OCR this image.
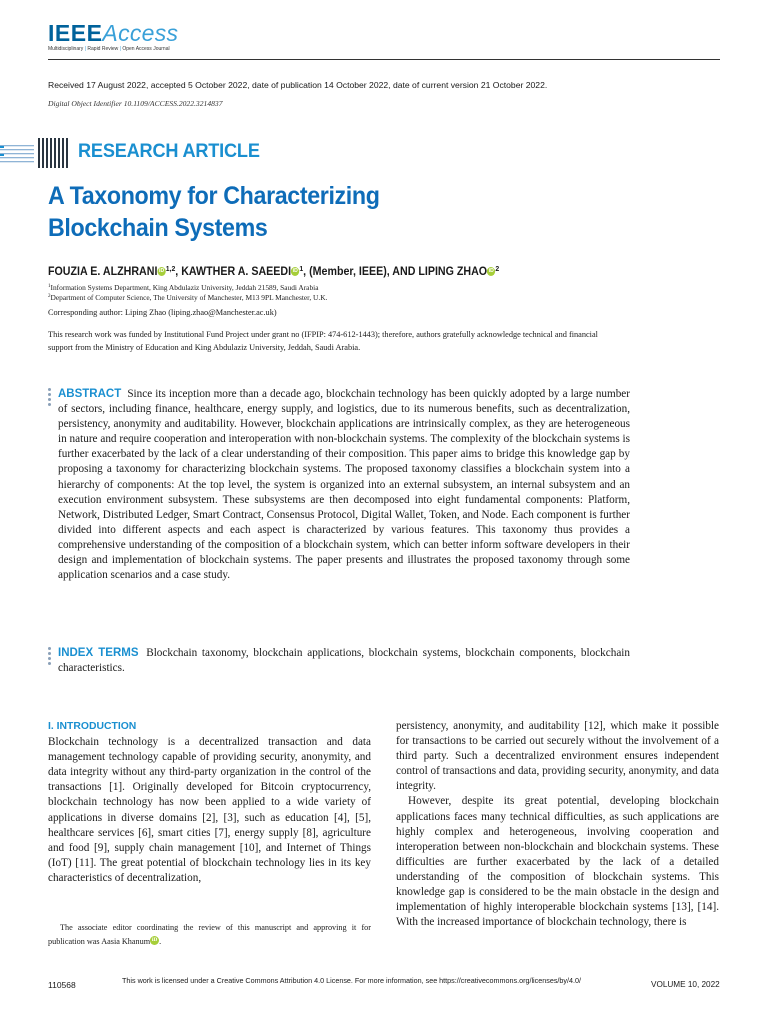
IEEEAccess
Multidisciplinary | Rapid Review | Open Access Journal
Received 17 August 2022, accepted 5 October 2022, date of publication 14 October 2022, date of current version 21 October 2022.
Digital Object Identifier 10.1109/ACCESS.2022.3214837
RESEARCH ARTICLE
A Taxonomy for Characterizing
Blockchain Systems
FOUZIA E. ALZHRANI iD $^{1,2}$, KAWTHER A. SAEEDI iD $^1$, (Member, IEEE), AND LIPING ZHAO iD $^2$
$^1$Information Systems Department, King Abdulaziz University, Jeddah 21589, Saudi Arabia
$^2$Department of Computer Science, The University of Manchester, M13 9PL Manchester, U.K.
Corresponding author: Liping Zhao (liping.zhao@Manchester.ac.uk)
This research work was funded by Institutional Fund Project under grant no (IFPIP: 474-612-1443); therefore, authors gratefully acknowledge technical and financial support from the Ministry of Education and King Abdulaziz University, Jeddah, Saudi Arabia.
ABSTRACT Since its inception more than a decade ago, blockchain technology has been quickly adopted by a large number of sectors, including finance, healthcare, energy supply, and logistics, due to its numerous benefits, such as decentralization, persistency, anonymity and auditability. However, blockchain applications are intrinsically complex, as they are heterogeneous in nature and require cooperation and interoperation with non-blockchain systems. The complexity of the blockchain systems is further exacerbated by the lack of a clear understanding of their composition. This paper aims to bridge this knowledge gap by proposing a taxonomy for characterizing blockchain systems. The proposed taxonomy classifies a blockchain system into a hierarchy of components: At the top level, the system is organized into an external subsystem, an internal subsystem and an execution environment subsystem. These subsystems are then decomposed into eight fundamental components: Platform, Network, Distributed Ledger, Smart Contract, Consensus Protocol, Digital Wallet, Token, and Node. Each component is further divided into different aspects and each aspect is characterized by various features. This taxonomy thus provides a comprehensive understanding of the composition of a blockchain system, which can better inform software developers in their design and implementation of blockchain systems. The paper presents and illustrates the proposed taxonomy through some application scenarios and a case study.
INDEX TERMS Blockchain taxonomy, blockchain applications, blockchain systems, blockchain components, blockchain characteristics.
I. INTRODUCTION

Blockchain technology is a decentralized transaction and data management technology capable of providing security, anonymity, and data integrity without any third-party organization in the control of the transactions [1]. Originally developed for Bitcoin cryptocurrency, blockchain technology has now been applied to a wide variety of applications in diverse domains [2], [3], such as education [4], [5], healthcare services [6], smart cities [7], energy supply [8], agriculture and food [9], supply chain management [10], and Internet of Things (IoT) [11]. The great potential of blockchain technology lies in its key characteristics of decentralization,

persistency, anonymity, and auditability [12], which make it possible for transactions to be carried out securely without the involvement of a third party. Such a decentralized environment ensures independent control of transactions and data, providing security, anonymity, and data integrity.

However, despite its great potential, developing blockchain applications faces many technical difficulties, as such applications are highly complex and heterogeneous, involving cooperation and interoperation between non-blockchain and blockchain systems. These difficulties are further exacerbated by the lack of a detailed understanding of the composition of blockchain systems. This knowledge gap is considered to be the main obstacle in the design and implementation of highly interoperable blockchain systems [13], [14]. With the increased importance of blockchain technology, there is

The associate editor coordinating the review of this manuscript and approving it for publication was Aasia Khanum iD .
110568	This work is licensed under a Creative Commons Attribution 4.0 License. For more information, see https://creativecommons.org/licenses/by/4.0/	VOLUME 10, 2022
